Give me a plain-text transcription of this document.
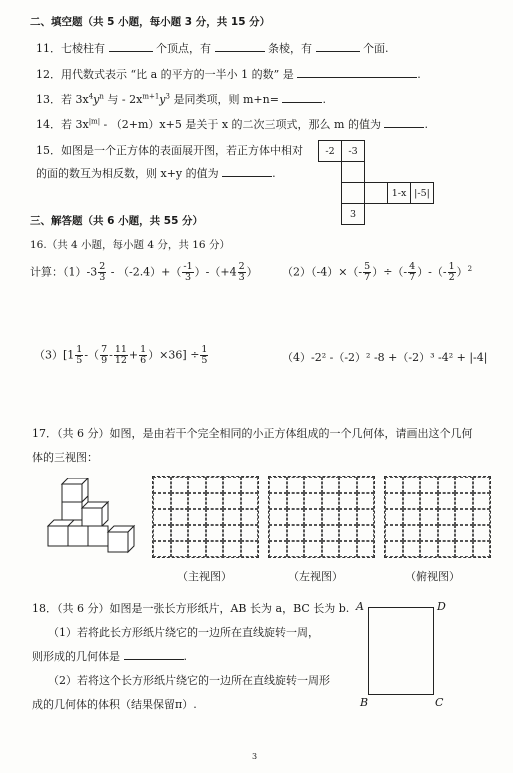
二、填空题（共 5 小题，每小题 3 分，共 15 分）
11．七棱柱有	个顶点，有	条棱，有	个面.
12．用代数式表示 “比 a 的平方的一半小 1 的数” 是	.
13．若 $3x^4y^n$ 与 - $2x^{m+1}y^3$ 是同类项，则 m+n=	.
14．若 $3x^{|m|} - (2+m)x+5$ 是关于 x 的二次三项式，那么 m 的值为	.
15．如图是一个正方体的表面展开图，若正方体中相对
的面的数互为相反数，则 x+y 的值为	.
-2	-3			

			1-x	|-5|
	3			
三、解答题（共 6 小题，共 55 分）
16.（共 4 小题，每小题 4 分，共 16 分）
计算：$(1)-3 \frac{2}{3} - (-2.4)+( \frac{-1}{3} )-(+4 \frac{2}{3}$ ） $(2)(-4)\times(- \frac{5}{7}$ ）÷（- $\frac{4}{7}$ ）-（- $\frac{1}{2} )^2$
$(3)[1 \frac{1}{5}$ -（ $\frac{7}{9} - \frac{11}{12} + \frac{1}{6} )\times 36] \div \frac{1}{5}$	（4）-2² -（-2）² -8 +（-2）³ -4² + |-4|
17．（共 6 分）如图，是由若干个完全相同的小正方体组成的一个几何体，请画出这个几何
体的三视图：
（主视图）	（左视图）	（俯视图）
18．（共 6 分）如图是一张长方形纸片，AB 长为 a，BC 长为 b.
（1）若将此长方形纸片绕它的一边所在直线旋转一周，
则形成的几何体是	.
（2）若将这个长方形纸片绕它的一边所在直线旋转一周形
成的几何体的体积（结果保留π）.
A	D
B	C
3
